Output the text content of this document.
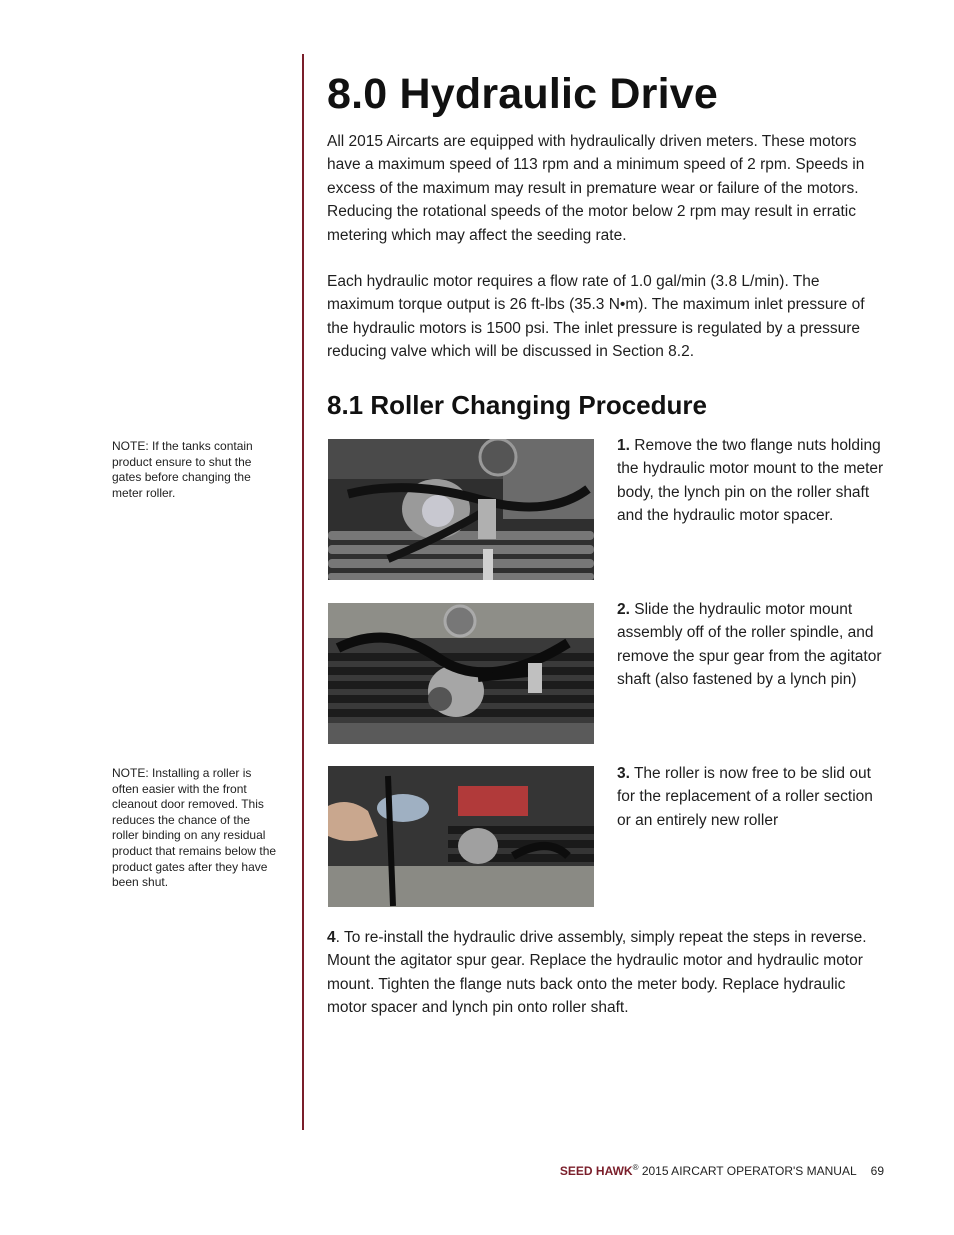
8.0 Hydraulic Drive

All 2015 Aircarts are equipped with hydraulically driven meters. These motors have a maximum speed of 113 rpm and a minimum speed of 2 rpm. Speeds in excess of the maximum may result in premature wear or failure of the motors. Reducing the rotational speeds of the motor below 2 rpm may result in erratic metering which may affect the seeding rate.

Each hydraulic motor requires a flow rate of 1.0 gal/min (3.8 L/min). The maximum torque output is 26 ft-lbs (35.3 N•m). The maximum inlet pressure of the hydraulic motors is 1500 psi. The inlet pressure is regulated by a pressure reducing valve which will be discussed in Section 8.2.

8.1 Roller Changing Procedure

NOTE: If the tanks contain product ensure to shut the gates before changing the meter roller.

NOTE: Installing a roller is often easier with the front cleanout door removed. This reduces the chance of the roller binding on any residual product that remains below the product gates after they have been shut.

1. Remove the two flange nuts holding the hydraulic motor mount to the meter body, the lynch pin on the roller shaft and the hydraulic motor spacer.

2. Slide the hydraulic motor mount assembly off of the roller spindle, and remove the spur gear from the agitator shaft (also fastened by a lynch pin)

3. The roller is now free to be slid out for the replacement of a roller section or an entirely new roller

4. To re-install the hydraulic drive assembly, simply repeat the steps in reverse. Mount the agitator spur gear. Replace the hydraulic motor and hydraulic motor mount. Tighten the flange nuts back onto the meter body. Replace hydraulic motor spacer and lynch pin onto roller shaft.

SEED HAWK® 2015 AIRCART OPERATOR'S MANUAL 69
